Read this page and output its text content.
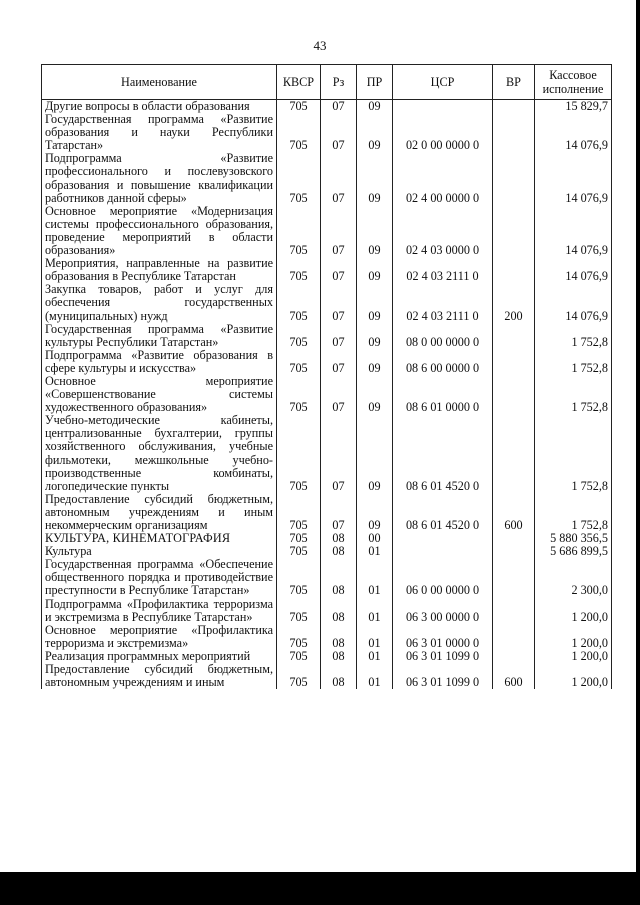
43
Наименование	КВСР	Рз	ПР	ЦСР	ВР	Кассовое исполнение
Другие вопросы в области образования	705	07	09			15 829,7
Государственная программа «Развитие образования и науки Республики Татарстан»	705	07	09	02 0 00 0000 0		14 076,9
Подпрограмма «Развитие профессионального и послевузовского образования и повышение квалификации работников данной сферы»	705	07	09	02 4 00 0000 0		14 076,9
Основное мероприятие «Модернизация системы профессионального образования, проведение мероприятий в области образования»	705	07	09	02 4 03 0000 0		14 076,9
Мероприятия, направленные на развитие образования в Республике Татарстан	705	07	09	02 4 03 2111 0		14 076,9
Закупка товаров, работ и услуг для обеспечения государственных (муниципальных) нужд	705	07	09	02 4 03 2111 0	200	14 076,9
Государственная программа «Развитие культуры Республики Татарстан»	705	07	09	08 0 00 0000 0		1 752,8
Подпрограмма «Развитие образования в сфере культуры и искусства»	705	07	09	08 6 00 0000 0		1 752,8
Основное мероприятие «Совершенствование системы художественного образования»	705	07	09	08 6 01 0000 0		1 752,8
Учебно-методические кабинеты, централизованные бухгалтерии, группы хозяйственного обслуживания, учебные фильмотеки, межшкольные учебно-производственные комбинаты, логопедические пункты	705	07	09	08 6 01 4520 0		1 752,8
Предоставление субсидий бюджетным, автономным учреждениям и иным некоммерческим организациям	705	07	09	08 6 01 4520 0	600	1 752,8
КУЛЬТУРА, КИНЕМАТОГРАФИЯ	705	08	00			5 880 356,5
Культура	705	08	01			5 686 899,5
Государственная программа «Обеспечение общественного порядка и противодействие преступности в Республике Татарстан»	705	08	01	06 0 00 0000 0		2 300,0
Подпрограмма «Профилактика терроризма и экстремизма в Республике Татарстан»	705	08	01	06 3 00 0000 0		1 200,0
Основное мероприятие «Профилактика терроризма и экстремизма»	705	08	01	06 3 01 0000 0		1 200,0
Реализация программных мероприятий	705	08	01	06 3 01 1099 0		1 200,0
Предоставление субсидий бюджетным, автономным учреждениям и иным	705	08	01	06 3 01 1099 0	600	1 200,0
